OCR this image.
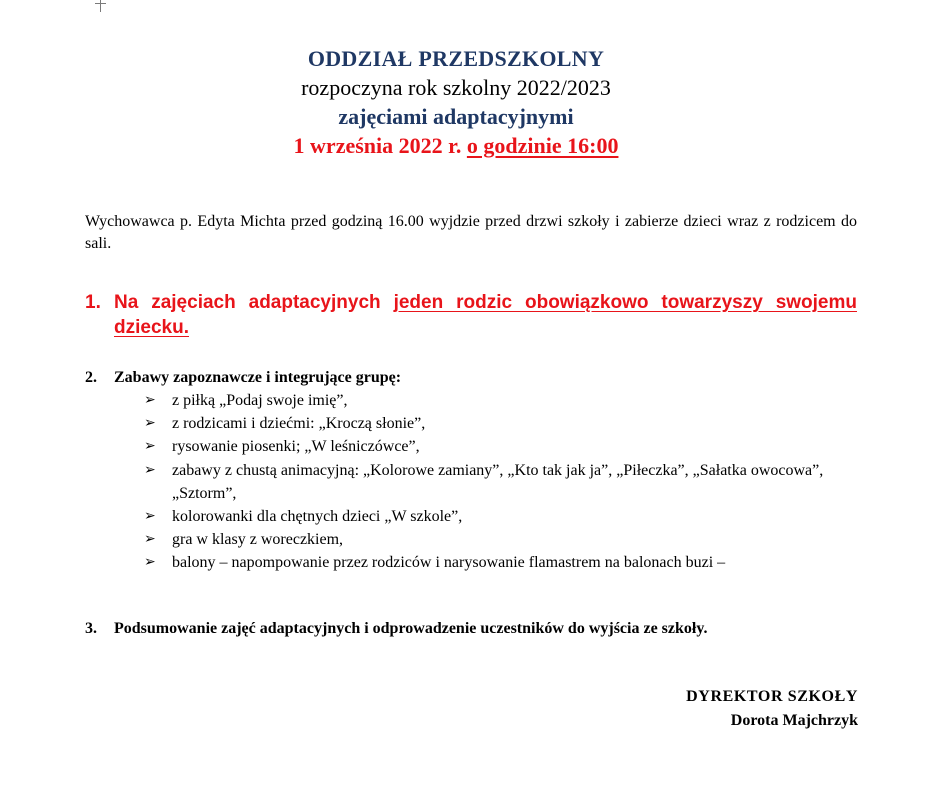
ODDZIAŁ PRZEDSZKOLNY
rozpoczyna rok szkolny 2022/2023
zajęciami adaptacyjnymi
1 września 2022 r. o godzinie 16:00
Wychowawca p. Edyta Michta przed godziną 16.00 wyjdzie przed drzwi szkoły i zabierze dzieci wraz z rodzicem do sali.
1. Na zajęciach adaptacyjnych jeden rodzic obowiązkowo towarzyszy swojemu dziecku.
2. Zabawy zapoznawcze i integrujące grupę:
➢ z piłką „Podaj swoje imię”,
➢ z rodzicami i dziećmi: „Kroczą słonie”,
➢ rysowanie piosenki; „W leśniczówce”,
➢ zabawy z chustą animacyjną: „Kolorowe zamiany”, „Kto tak jak ja”, „Piłeczka”, „Sałatka owocowa”, „Sztorm”,
➢ kolorowanki dla chętnych dzieci „W szkole”,
➢ gra w klasy z woreczkiem,
➢ balony – napompowanie przez rodziców i narysowanie flamastrem na balonach buzi –
3. Podsumowanie zajęć adaptacyjnych i odprowadzenie uczestników do wyjścia ze szkoły.
DYREKTOR SZKOŁY
Dorota Majchrzyk
